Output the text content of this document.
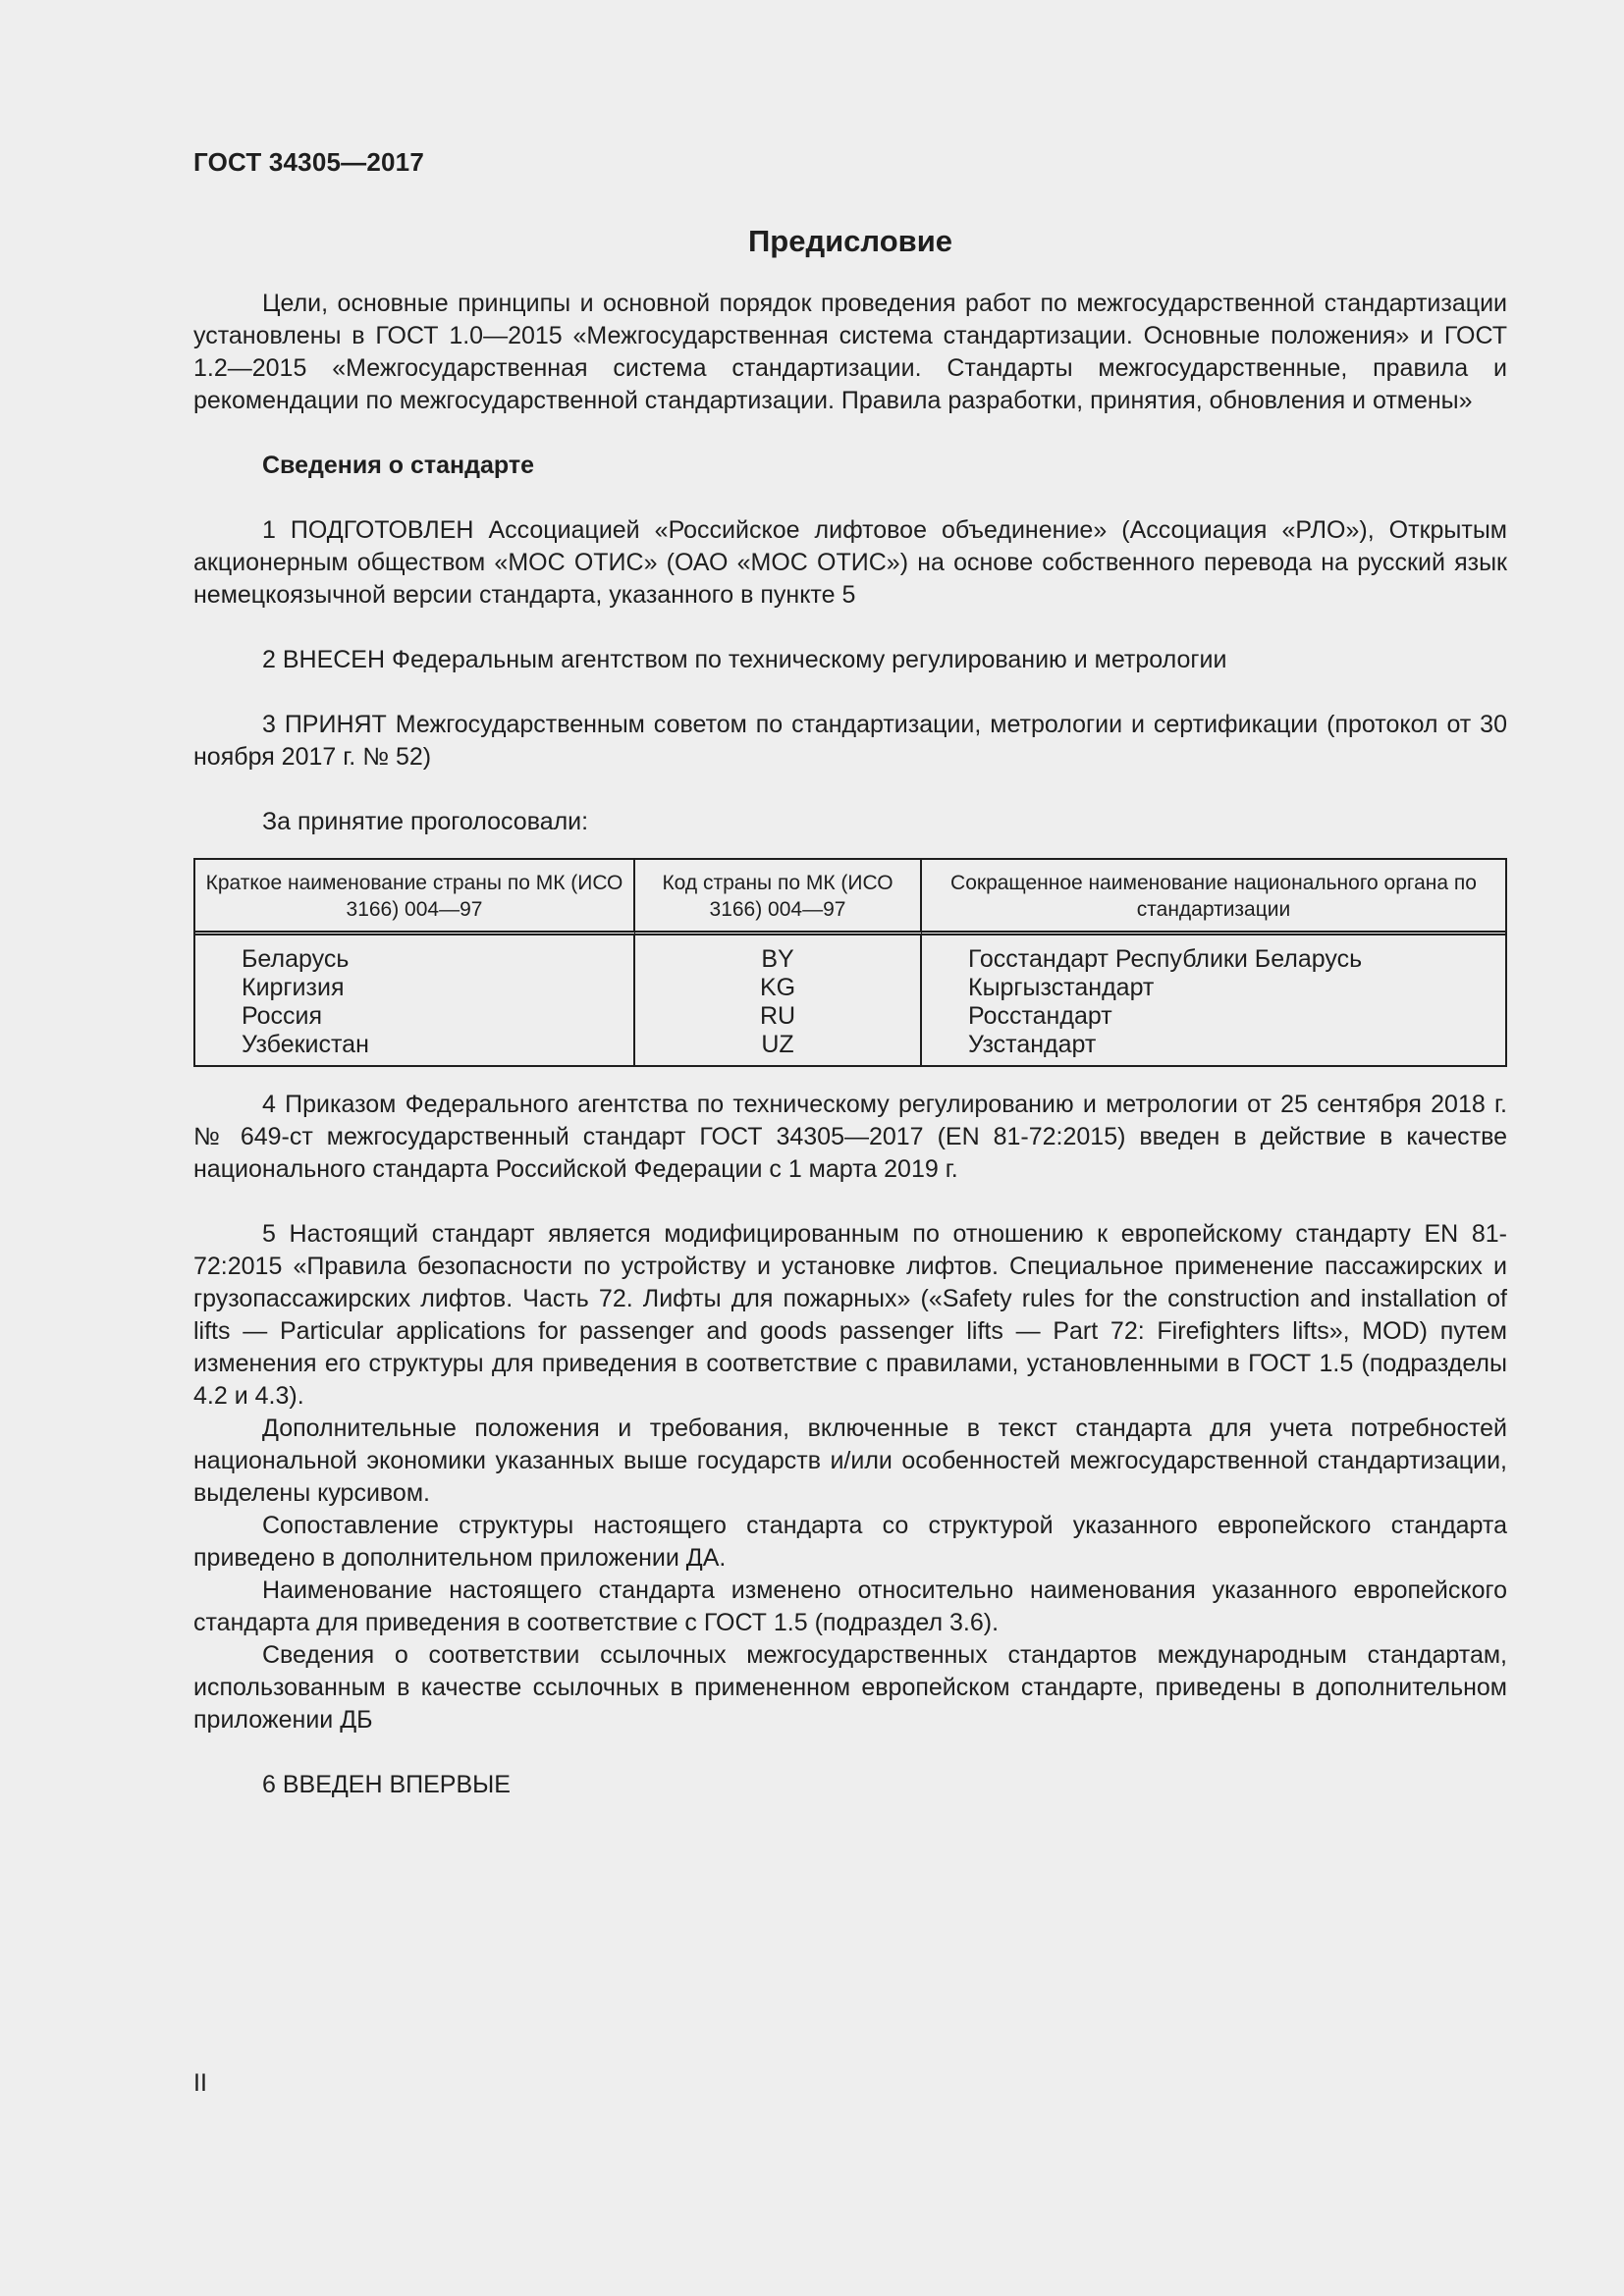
ГОСТ 34305—2017
Предисловие

Цели, основные принципы и основной порядок проведения работ по межгосударственной стандартизации установлены в ГОСТ 1.0—2015 «Межгосударственная система стандартизации. Основные положения» и ГОСТ 1.2—2015 «Межгосударственная система стандартизации. Стандарты межгосударственные, правила и рекомендации по межгосударственной стандартизации. Правила разработки, принятия, обновления и отмены»

Сведения о стандарте

1 ПОДГОТОВЛЕН Ассоциацией «Российское лифтовое объединение» (Ассоциация «РЛО»), Открытым акционерным обществом «МОС ОТИС» (ОАО «МОС ОТИС») на основе собственного перевода на русский язык немецкоязычной версии стандарта, указанного в пункте 5

2 ВНЕСЕН Федеральным агентством по техническому регулированию и метрологии

3 ПРИНЯТ Межгосударственным советом по стандартизации, метрологии и сертификации (протокол от 30 ноября 2017 г. № 52)

За принятие проголосовали:

Краткое наименование страны по МК (ИСО 3166) 004—97	Код страны по МК (ИСО 3166) 004—97	Сокращенное наименование национального органа по стандартизации
Беларусь	BY	Госстандарт Республики Беларусь
Киргизия	KG	Кыргызстандарт
Россия	RU	Росстандарт
Узбекистан	UZ	Узстандарт

4 Приказом Федерального агентства по техническому регулированию и метрологии от 25 сентября 2018 г. № 649-ст межгосударственный стандарт ГОСТ 34305—2017 (EN 81-72:2015) введен в действие в качестве национального стандарта Российской Федерации с 1 марта 2019 г.

5 Настоящий стандарт является модифицированным по отношению к европейскому стандарту EN 81-72:2015 «Правила безопасности по устройству и установке лифтов. Специальное применение пассажирских и грузопассажирских лифтов. Часть 72. Лифты для пожарных» («Safety rules for the construction and installation of lifts — Particular applications for passenger and goods passenger lifts — Part 72: Firefighters lifts», MOD) путем изменения его структуры для приведения в соответствие с правилами, установленными в ГОСТ 1.5 (подразделы 4.2 и 4.3).

Дополнительные положения и требования, включенные в текст стандарта для учета потребностей национальной экономики указанных выше государств и/или особенностей межгосударственной стандартизации, выделены курсивом.

Сопоставление структуры настоящего стандарта со структурой указанного европейского стандарта приведено в дополнительном приложении ДА.

Наименование настоящего стандарта изменено относительно наименования указанного европейского стандарта для приведения в соответствие с ГОСТ 1.5 (подраздел 3.6).

Сведения о соответствии ссылочных межгосударственных стандартов международным стандартам, использованным в качестве ссылочных в примененном европейском стандарте, приведены в дополнительном приложении ДБ

6 ВВЕДЕН ВПЕРВЫЕ

II
